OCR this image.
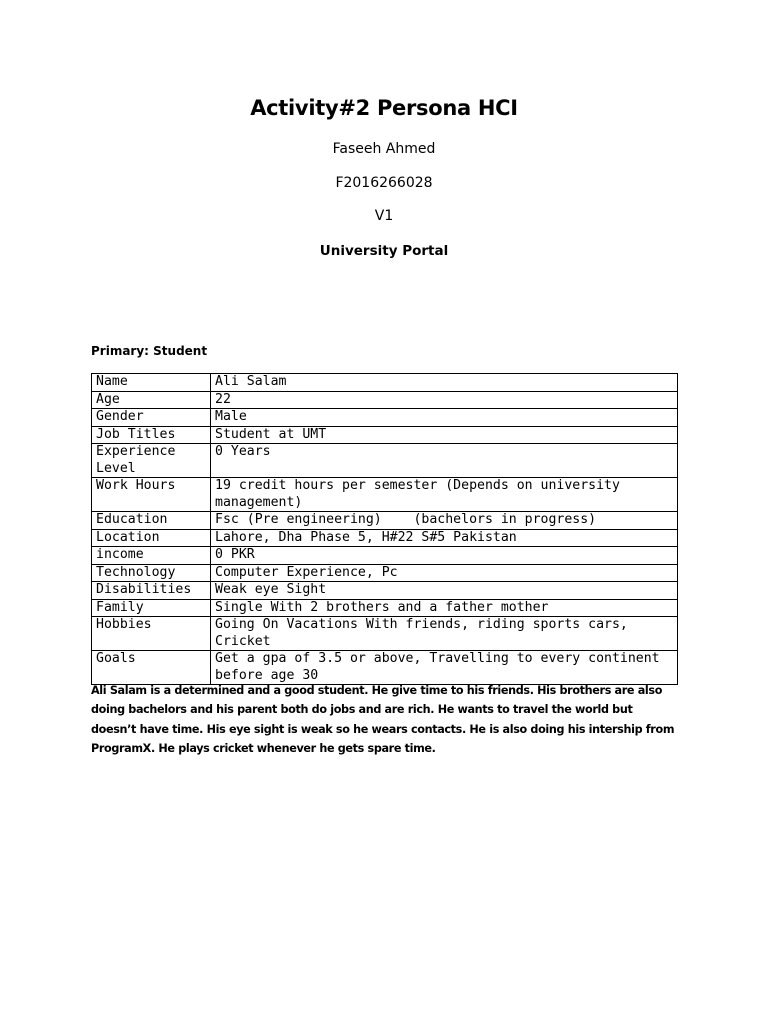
Activity#2 Persona HCI
Faseeh Ahmed
F2016266028
V1
University Portal
Primary: Student
Name	Ali Salam
Age	22
Gender	Male
Job Titles	Student at UMT
Experience Level	0 Years
Work Hours	19 credit hours per semester (Depends on university management)
Education	Fsc (Pre engineering)    (bachelors in progress)
Location	Lahore, Dha Phase 5, H#22 S#5 Pakistan
income	0 PKR
Technology	Computer Experience, Pc
Disabilities	Weak eye Sight
Family	Single With 2 brothers and a father mother
Hobbies	Going On Vacations With friends, riding sports cars, Cricket
Goals	Get a gpa of 3.5 or above, Travelling to every continent before age 30
Ali Salam is a determined and a good student. He give time to his friends. His brothers are also doing bachelors and his parent both do jobs and are rich. He wants to travel the world but doesn’t have time. His eye sight is weak so he wears contacts. He is also doing his intership from ProgramX. He plays cricket whenever he gets spare time.
